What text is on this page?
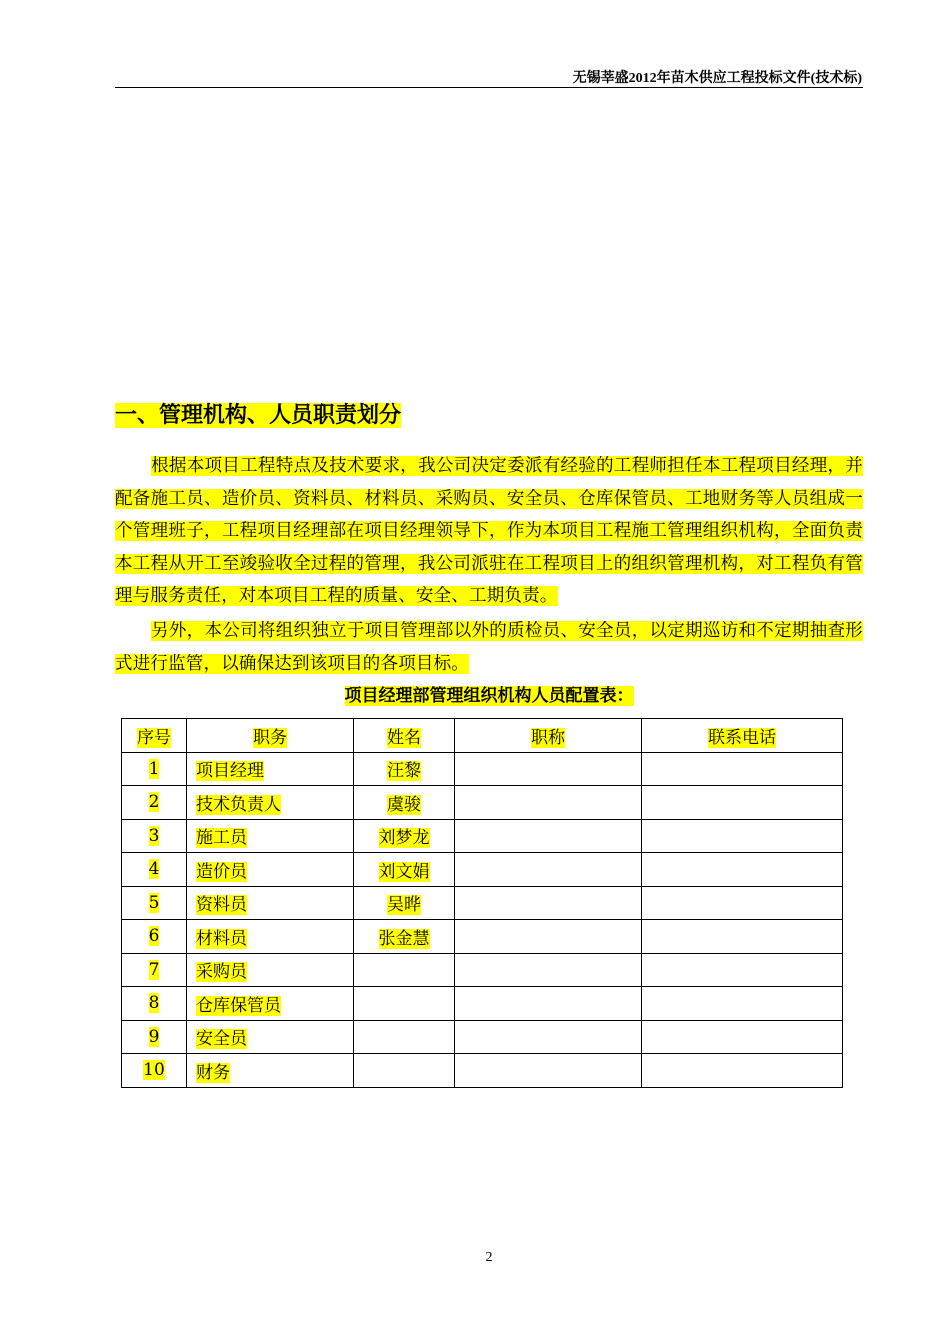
无锡莘盛2012年苗木供应工程投标文件(技术标)
一、管理机构、人员职责划分

根据本项目工程特点及技术要求，我公司决定委派有经验的工程师担任本工程项目经理，并配备施工员、造价员、资料员、材料员、采购员、安全员、仓库保管员、工地财务等人员组成一个管理班子，工程项目经理部在项目经理领导下，作为本项目工程施工管理组织机构，全面负责本工程从开工至竣验收全过程的管理，我公司派驻在工程项目上的组织管理机构，对工程负有管理与服务责任，对本项目工程的质量、安全、工期负责。

另外，本公司将组织独立于项目管理部以外的质检员、安全员，以定期巡访和不定期抽查形式进行监管，以确保达到该项目的各项目标。

项目经理部管理组织机构人员配置表：
序号	职务	姓名	职称	联系电话
1	项目经理	汪黎		
2	技术负责人	虞骏		
3	施工员	刘梦龙		
4	造价员	刘文娟		
5	资料员	吴晔		
6	材料员	张金慧		
7	采购员			
8	仓库保管员			
9	安全员			
10	财务			
2
